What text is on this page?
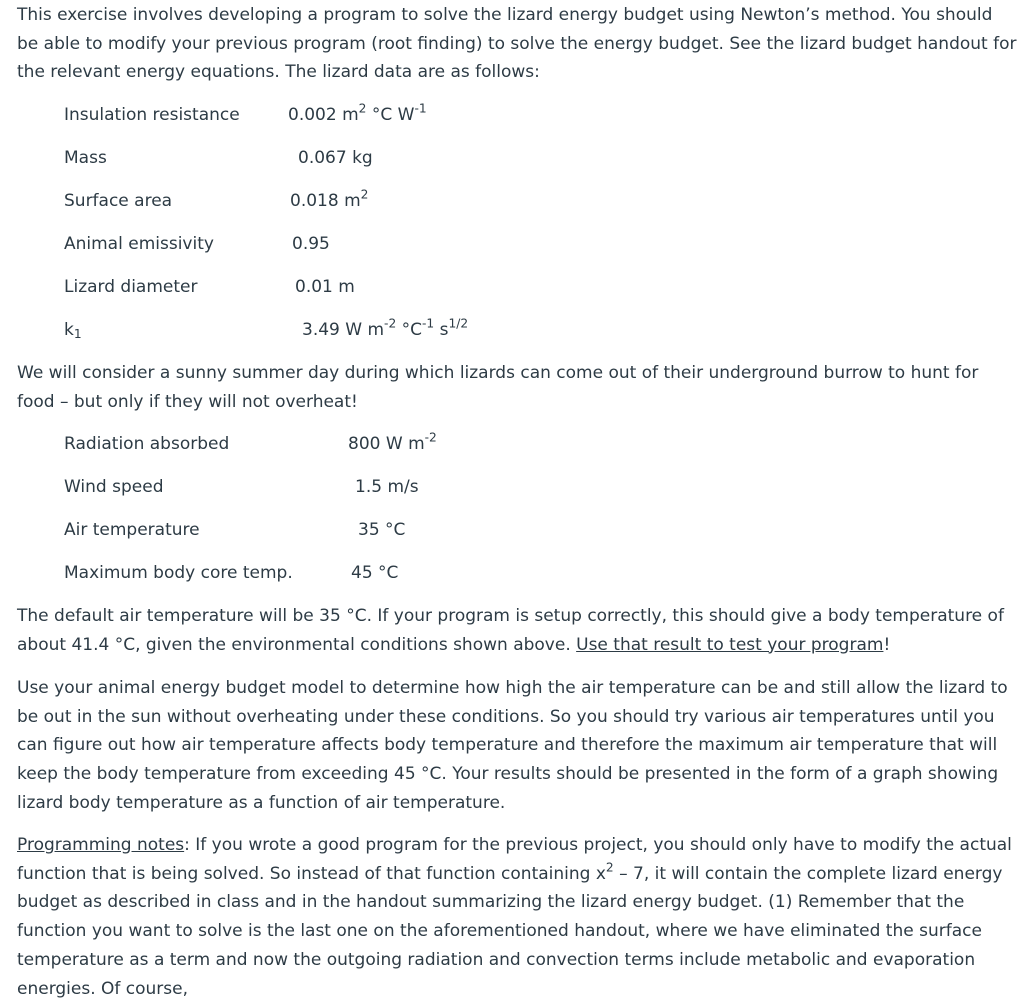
This exercise involves developing a program to solve the lizard energy budget using Newton’s method. You should be able to modify your previous program (root finding) to solve the energy budget. See the lizard budget handout for the relevant energy equations. The lizard data are as follows:

Insulation resistance	0.002 $m^2$ °C $W^{-1}$

Mass	0.067 kg

Surface area	0.018 $m^2$

Animal emissivity	0.95

Lizard diameter	0.01 m

$k_1$	3.49 W $m^{-2}$ $^\circ C^{-1}$ $s^{1/2}$

We will consider a sunny summer day during which lizards can come out of their underground burrow to hunt for food – but only if they will not overheat!

Radiation absorbed	800 W $m^{-2}$

Wind speed	1.5 m/s

Air temperature	35 °C

Maximum body core temp.	45 °C

The default air temperature will be 35 °C. If your program is setup correctly, this should give a body temperature of about 41.4 °C, given the environmental conditions shown above. Use that result to test your program!

Use your animal energy budget model to determine how high the air temperature can be and still allow the lizard to be out in the sun without overheating under these conditions. So you should try various air temperatures until you can figure out how air temperature affects body temperature and therefore the maximum air temperature that will keep the body temperature from exceeding 45 °C. Your results should be presented in the form of a graph showing lizard body temperature as a function of air temperature.

Programming notes: If you wrote a good program for the previous project, you should only have to modify the actual function that is being solved. So instead of that function containing $x^2 - 7$, it will contain the complete lizard energy budget as described in class and in the handout summarizing the lizard energy budget. (1) Remember that the function you want to solve is the last one on the aforementioned handout, where we have eliminated the surface temperature as a term and now the outgoing radiation and convection terms include metabolic and evaporation energies. Of course,
